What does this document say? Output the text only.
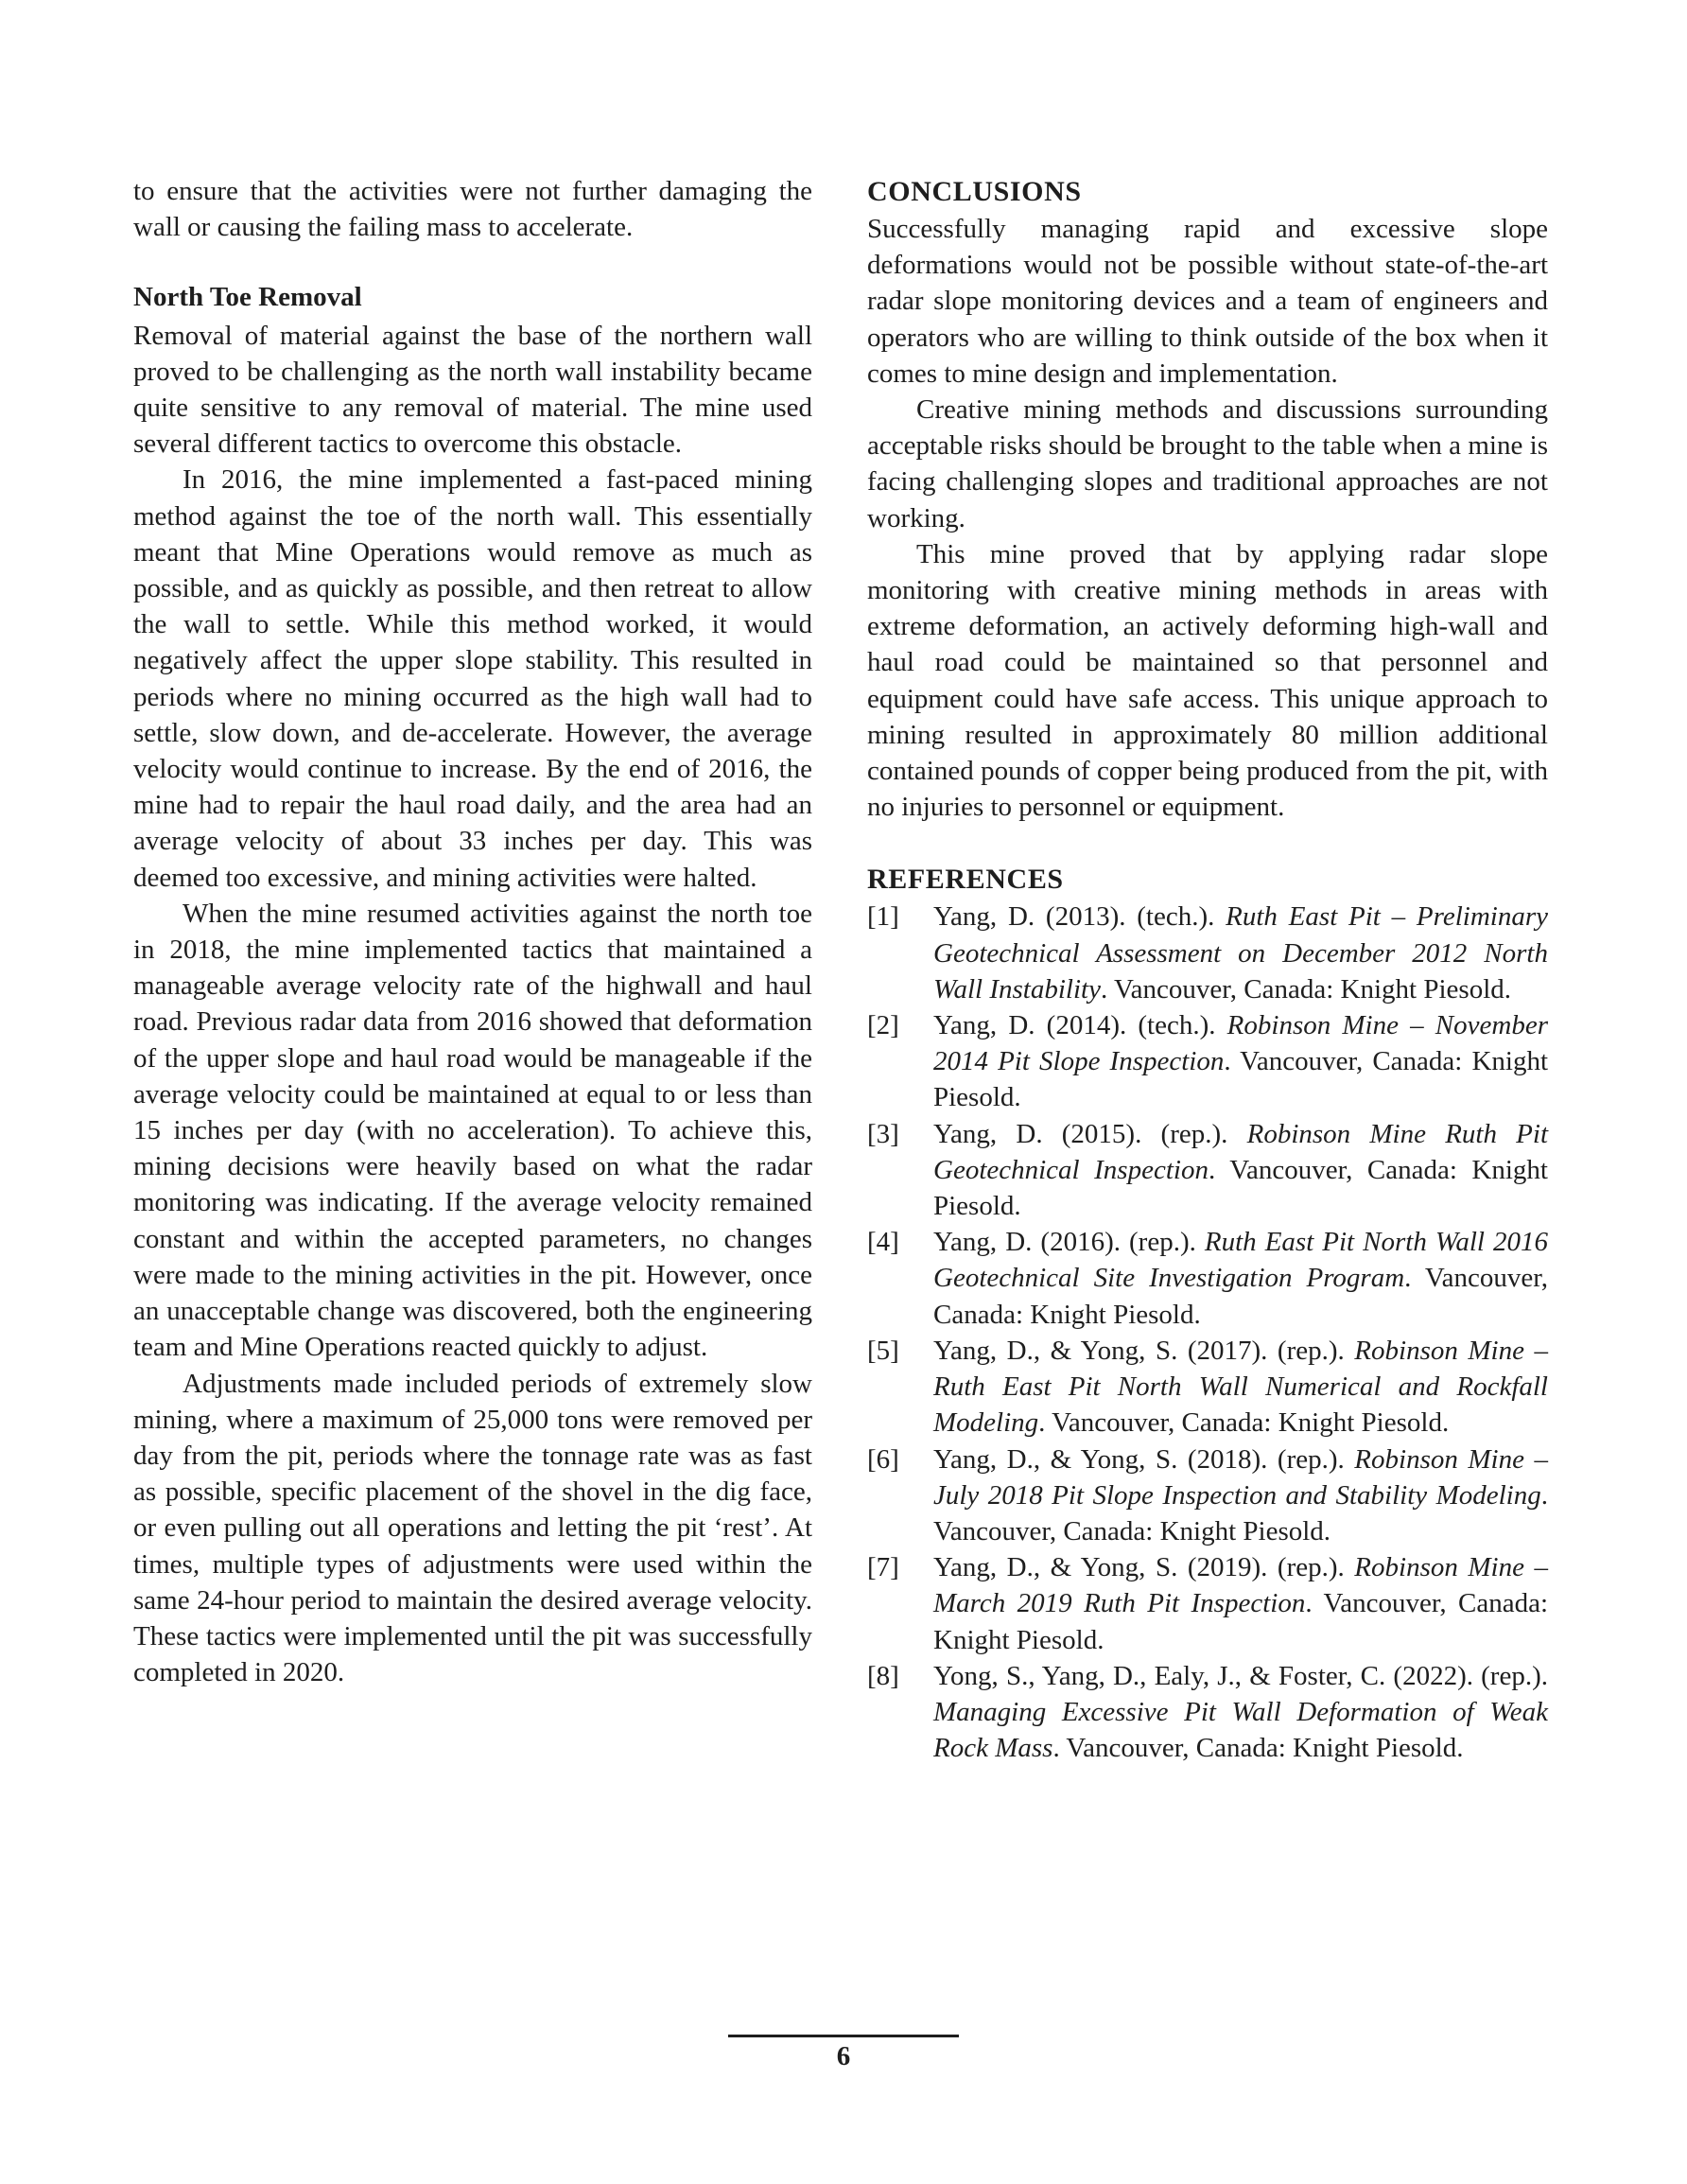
to ensure that the activities were not further damaging the wall or causing the failing mass to accelerate.

North Toe Removal

Removal of material against the base of the northern wall proved to be challenging as the north wall instability became quite sensitive to any removal of material. The mine used several different tactics to overcome this obstacle.

In 2016, the mine implemented a fast-paced mining method against the toe of the north wall. This essentially meant that Mine Operations would remove as much as possible, and as quickly as possible, and then retreat to allow the wall to settle. While this method worked, it would negatively affect the upper slope stability. This resulted in periods where no mining occurred as the high wall had to settle, slow down, and de-accelerate. However, the average velocity would continue to increase. By the end of 2016, the mine had to repair the haul road daily, and the area had an average velocity of about 33 inches per day. This was deemed too excessive, and mining activities were halted.

When the mine resumed activities against the north toe in 2018, the mine implemented tactics that maintained a manageable average velocity rate of the highwall and haul road. Previous radar data from 2016 showed that deformation of the upper slope and haul road would be manageable if the average velocity could be maintained at equal to or less than 15 inches per day (with no acceleration). To achieve this, mining decisions were heavily based on what the radar monitoring was indicating. If the average velocity remained constant and within the accepted parameters, no changes were made to the mining activities in the pit. However, once an unacceptable change was discovered, both the engineering team and Mine Operations reacted quickly to adjust.

Adjustments made included periods of extremely slow mining, where a maximum of 25,000 tons were removed per day from the pit, periods where the tonnage rate was as fast as possible, specific placement of the shovel in the dig face, or even pulling out all operations and letting the pit ‘rest’. At times, multiple types of adjustments were used within the same 24-hour period to maintain the desired average velocity. These tactics were implemented until the pit was successfully completed in 2020.

CONCLUSIONS

Successfully managing rapid and excessive slope deformations would not be possible without state-of-the-art radar slope monitoring devices and a team of engineers and operators who are willing to think outside of the box when it comes to mine design and implementation.

Creative mining methods and discussions surrounding acceptable risks should be brought to the table when a mine is facing challenging slopes and traditional approaches are not working.

This mine proved that by applying radar slope monitoring with creative mining methods in areas with extreme deformation, an actively deforming high-wall and haul road could be maintained so that personnel and equipment could have safe access. This unique approach to mining resulted in approximately 80 million additional contained pounds of copper being produced from the pit, with no injuries to personnel or equipment.

REFERENCES
[1]	Yang, D. (2013). (tech.). Ruth East Pit – Preliminary Geotechnical Assessment on December 2012 North Wall Instability. Vancouver, Canada: Knight Piesold.
[2]	Yang, D. (2014). (tech.). Robinson Mine – November 2014 Pit Slope Inspection. Vancouver, Canada: Knight Piesold.
[3]	Yang, D. (2015). (rep.). Robinson Mine Ruth Pit Geotechnical Inspection. Vancouver, Canada: Knight Piesold.
[4]	Yang, D. (2016). (rep.). Ruth East Pit North Wall 2016 Geotechnical Site Investigation Program. Vancouver, Canada: Knight Piesold.
[5]	Yang, D., & Yong, S. (2017). (rep.). Robinson Mine – Ruth East Pit North Wall Numerical and Rockfall Modeling. Vancouver, Canada: Knight Piesold.
[6]	Yang, D., & Yong, S. (2018). (rep.). Robinson Mine – July 2018 Pit Slope Inspection and Stability Modeling. Vancouver, Canada: Knight Piesold.
[7]	Yang, D., & Yong, S. (2019). (rep.). Robinson Mine – March 2019 Ruth Pit Inspection. Vancouver, Canada: Knight Piesold.
[8]	Yong, S., Yang, D., Ealy, J., & Foster, C. (2022). (rep.). Managing Excessive Pit Wall Deformation of Weak Rock Mass. Vancouver, Canada: Knight Piesold.
6
